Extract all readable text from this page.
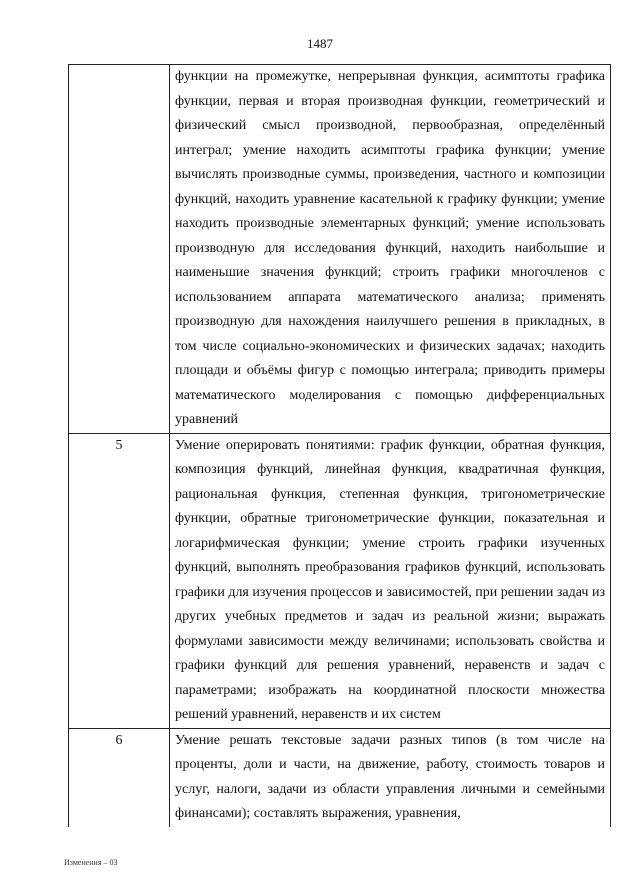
1487
	функции на промежутке, непрерывная функция, асимптоты графика функции, первая и вторая производная функции, геометрический и физический смысл производной, первообразная, определённый интеграл; умение находить асимптоты графика функции; умение вычислять производные суммы, произведения, частного и композиции функций, находить уравнение касательной к графику функции; умение находить производные элементарных функций; умение использовать производную для исследования функций, находить наибольшие и наименьшие значения функций; строить графики многочленов с использованием аппарата математического анализа; применять производную для нахождения наилучшего решения в прикладных, в том числе социально-экономических и физических задачах; находить площади и объёмы фигур с помощью интеграла; приводить примеры математического моделирования с помощью дифференциальных уравнений
5	Умение оперировать понятиями: график функции, обратная функция, композиция функций, линейная функция, квадратичная функция, рациональная функция, степенная функция, тригонометрические функции, обратные тригонометрические функции, показательная и логарифмическая функции; умение строить графики изученных функций, выполнять преобразования графиков функций, использовать графики для изучения процессов и зависимостей, при решении задач из других учебных предметов и задач из реальной жизни; выражать формулами зависимости между величинами; использовать свойства и графики функций для решения уравнений, неравенств и задач с параметрами; изображать на координатной плоскости множества решений уравнений, неравенств и их систем
6	Умение решать текстовые задачи разных типов (в том числе на проценты, доли и части, на движение, работу, стоимость товаров и услуг, налоги, задачи из области управления личными и семейными финансами); составлять выражения, уравнения,
Изменения – 03
